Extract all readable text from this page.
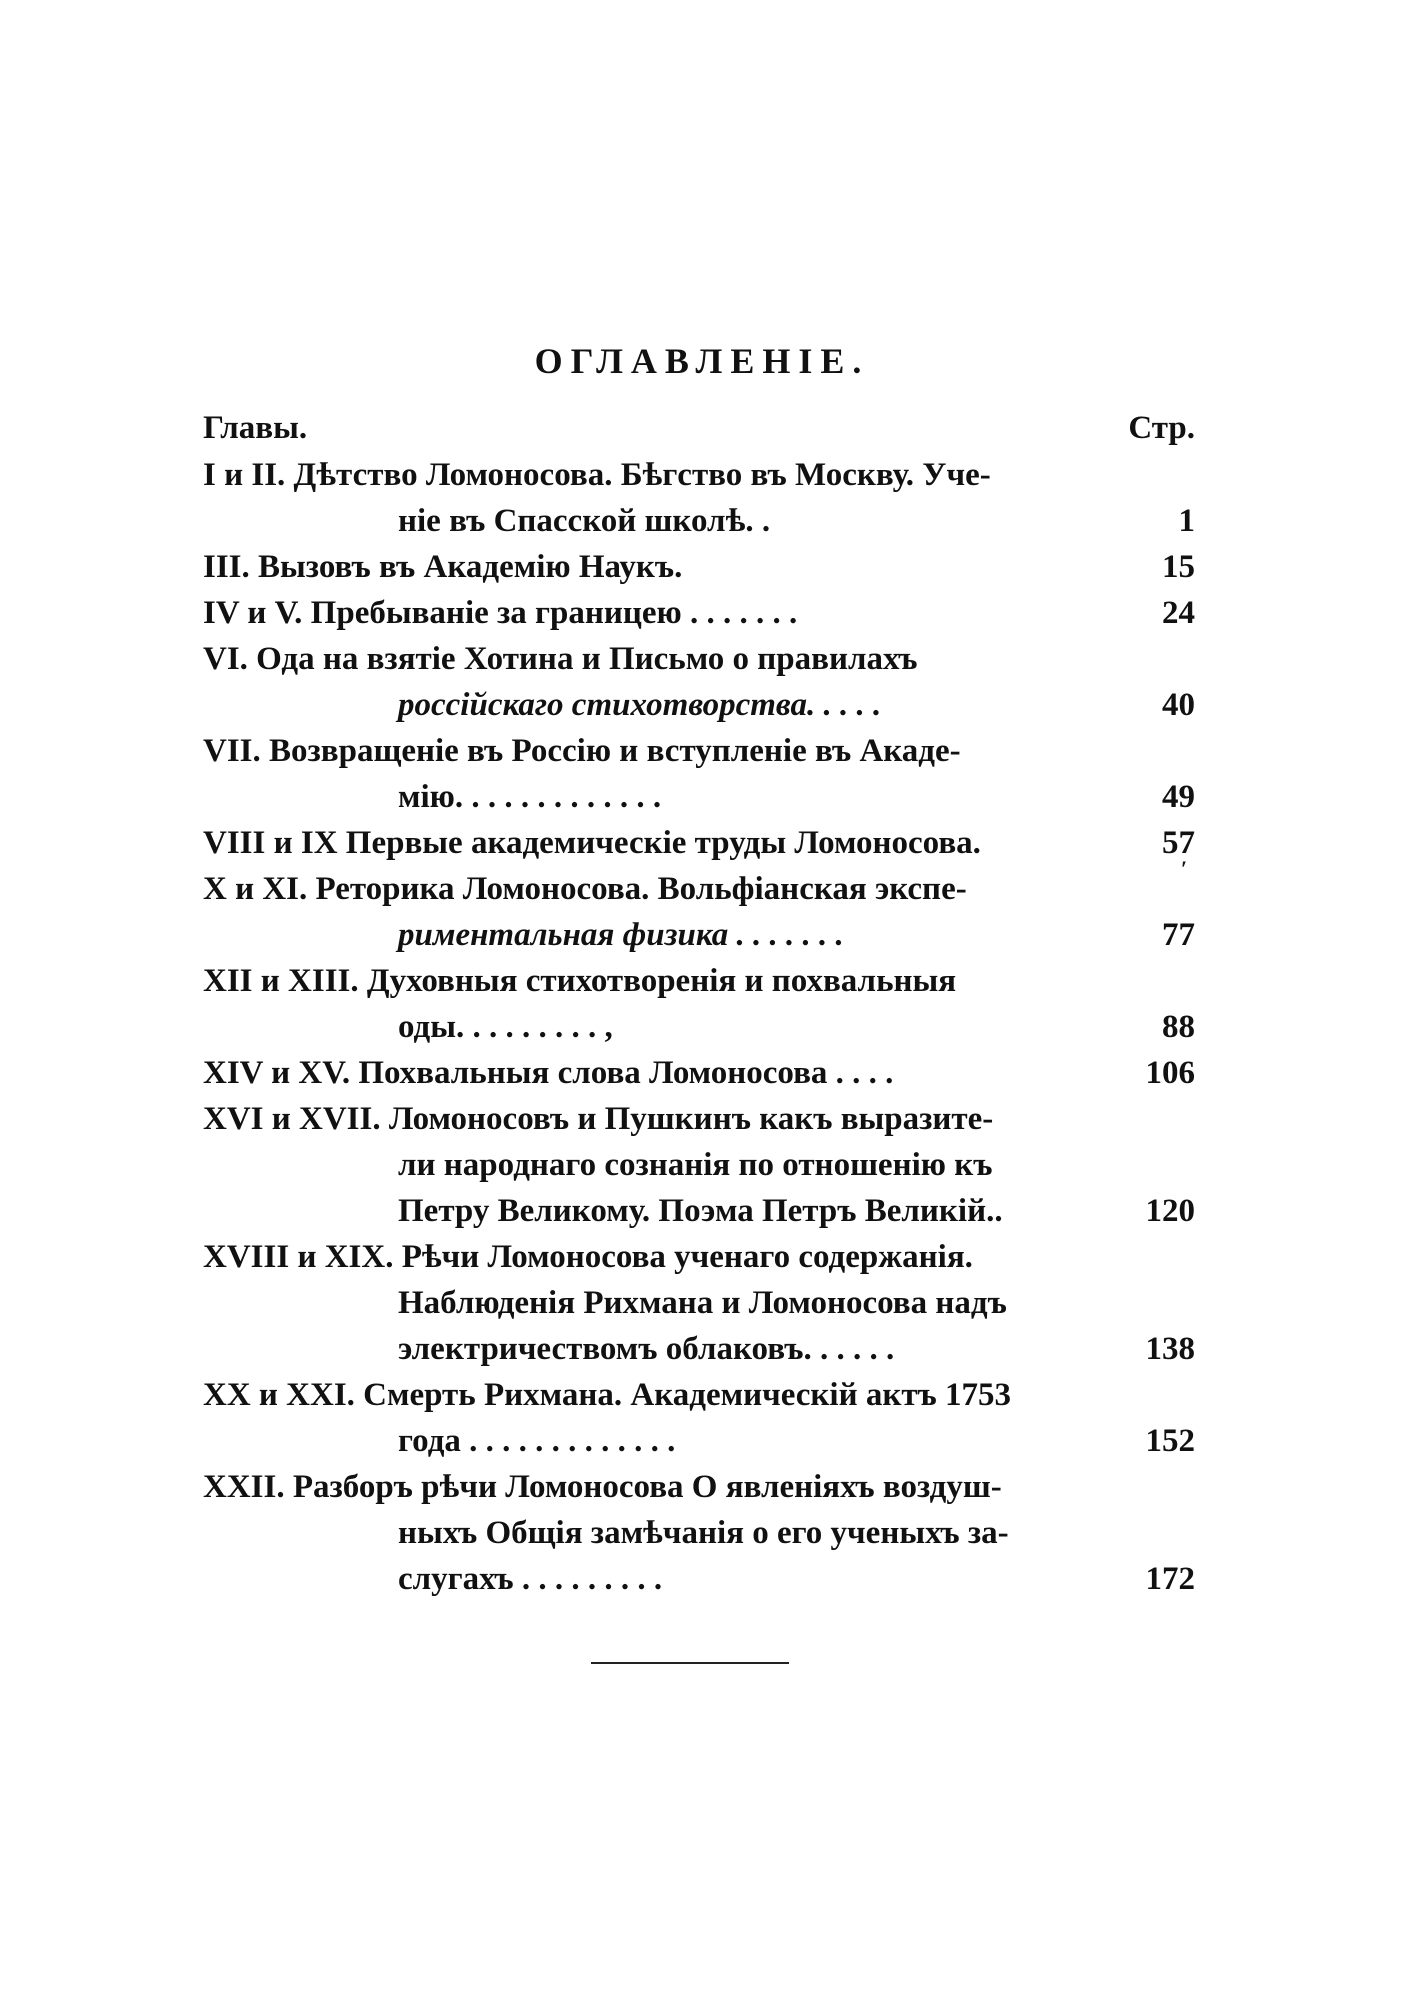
ОГЛАВЛЕНІЕ.
Главы.	Стр.
I и II. Дѣтство Ломоносова. Бѣгство въ Москву. Уче-
ніе въ Спасской школѣ. .	1
III. Вызовъ въ Академію Наукъ.	15
IV и V. Пребываніе за границею . . . . . . .	24
VI. Ода на взятіе Хотина и Письмо о правилахъ
россійскаго стихотворства. . . . .	40
VII. Возвращеніе въ Россію и вступленіе въ Акаде-
мію. . . . . . . . . . . . .	49
VIII и IX Первые академическіе труды Ломоносова.	57
′
X и XI. Реторика Ломоносова. Вольфіанская экспе-
риментальная физика . . . . . . .	77
XII и XIII. Духовныя стихотворенія и похвальныя
оды. . . . . . . . . ,	88
XIV и XV. Похвальныя слова Ломоносова . . . .	106
XVI и XVII. Ломоносовъ и Пушкинъ какъ выразите-
ли народнаго сознанія по отношенію къ
Петру Великому. Поэма Петръ Великій..	120
XVIII и XIX. Рѣчи Ломоносова ученаго содержанія.
Наблюденія Рихмана и Ломоносова надъ
электричествомъ облаковъ. . . . . .	138
XX и XXI. Смерть Рихмана. Академическій актъ 1753
года . . . . . . . . . . . . .	152
XXII. Разборъ рѣчи Ломоносова О явленіяхъ воздуш-
ныхъ Общія замѣчанія о его ученыхъ за-
слугахъ . . . . . . . . .	172
